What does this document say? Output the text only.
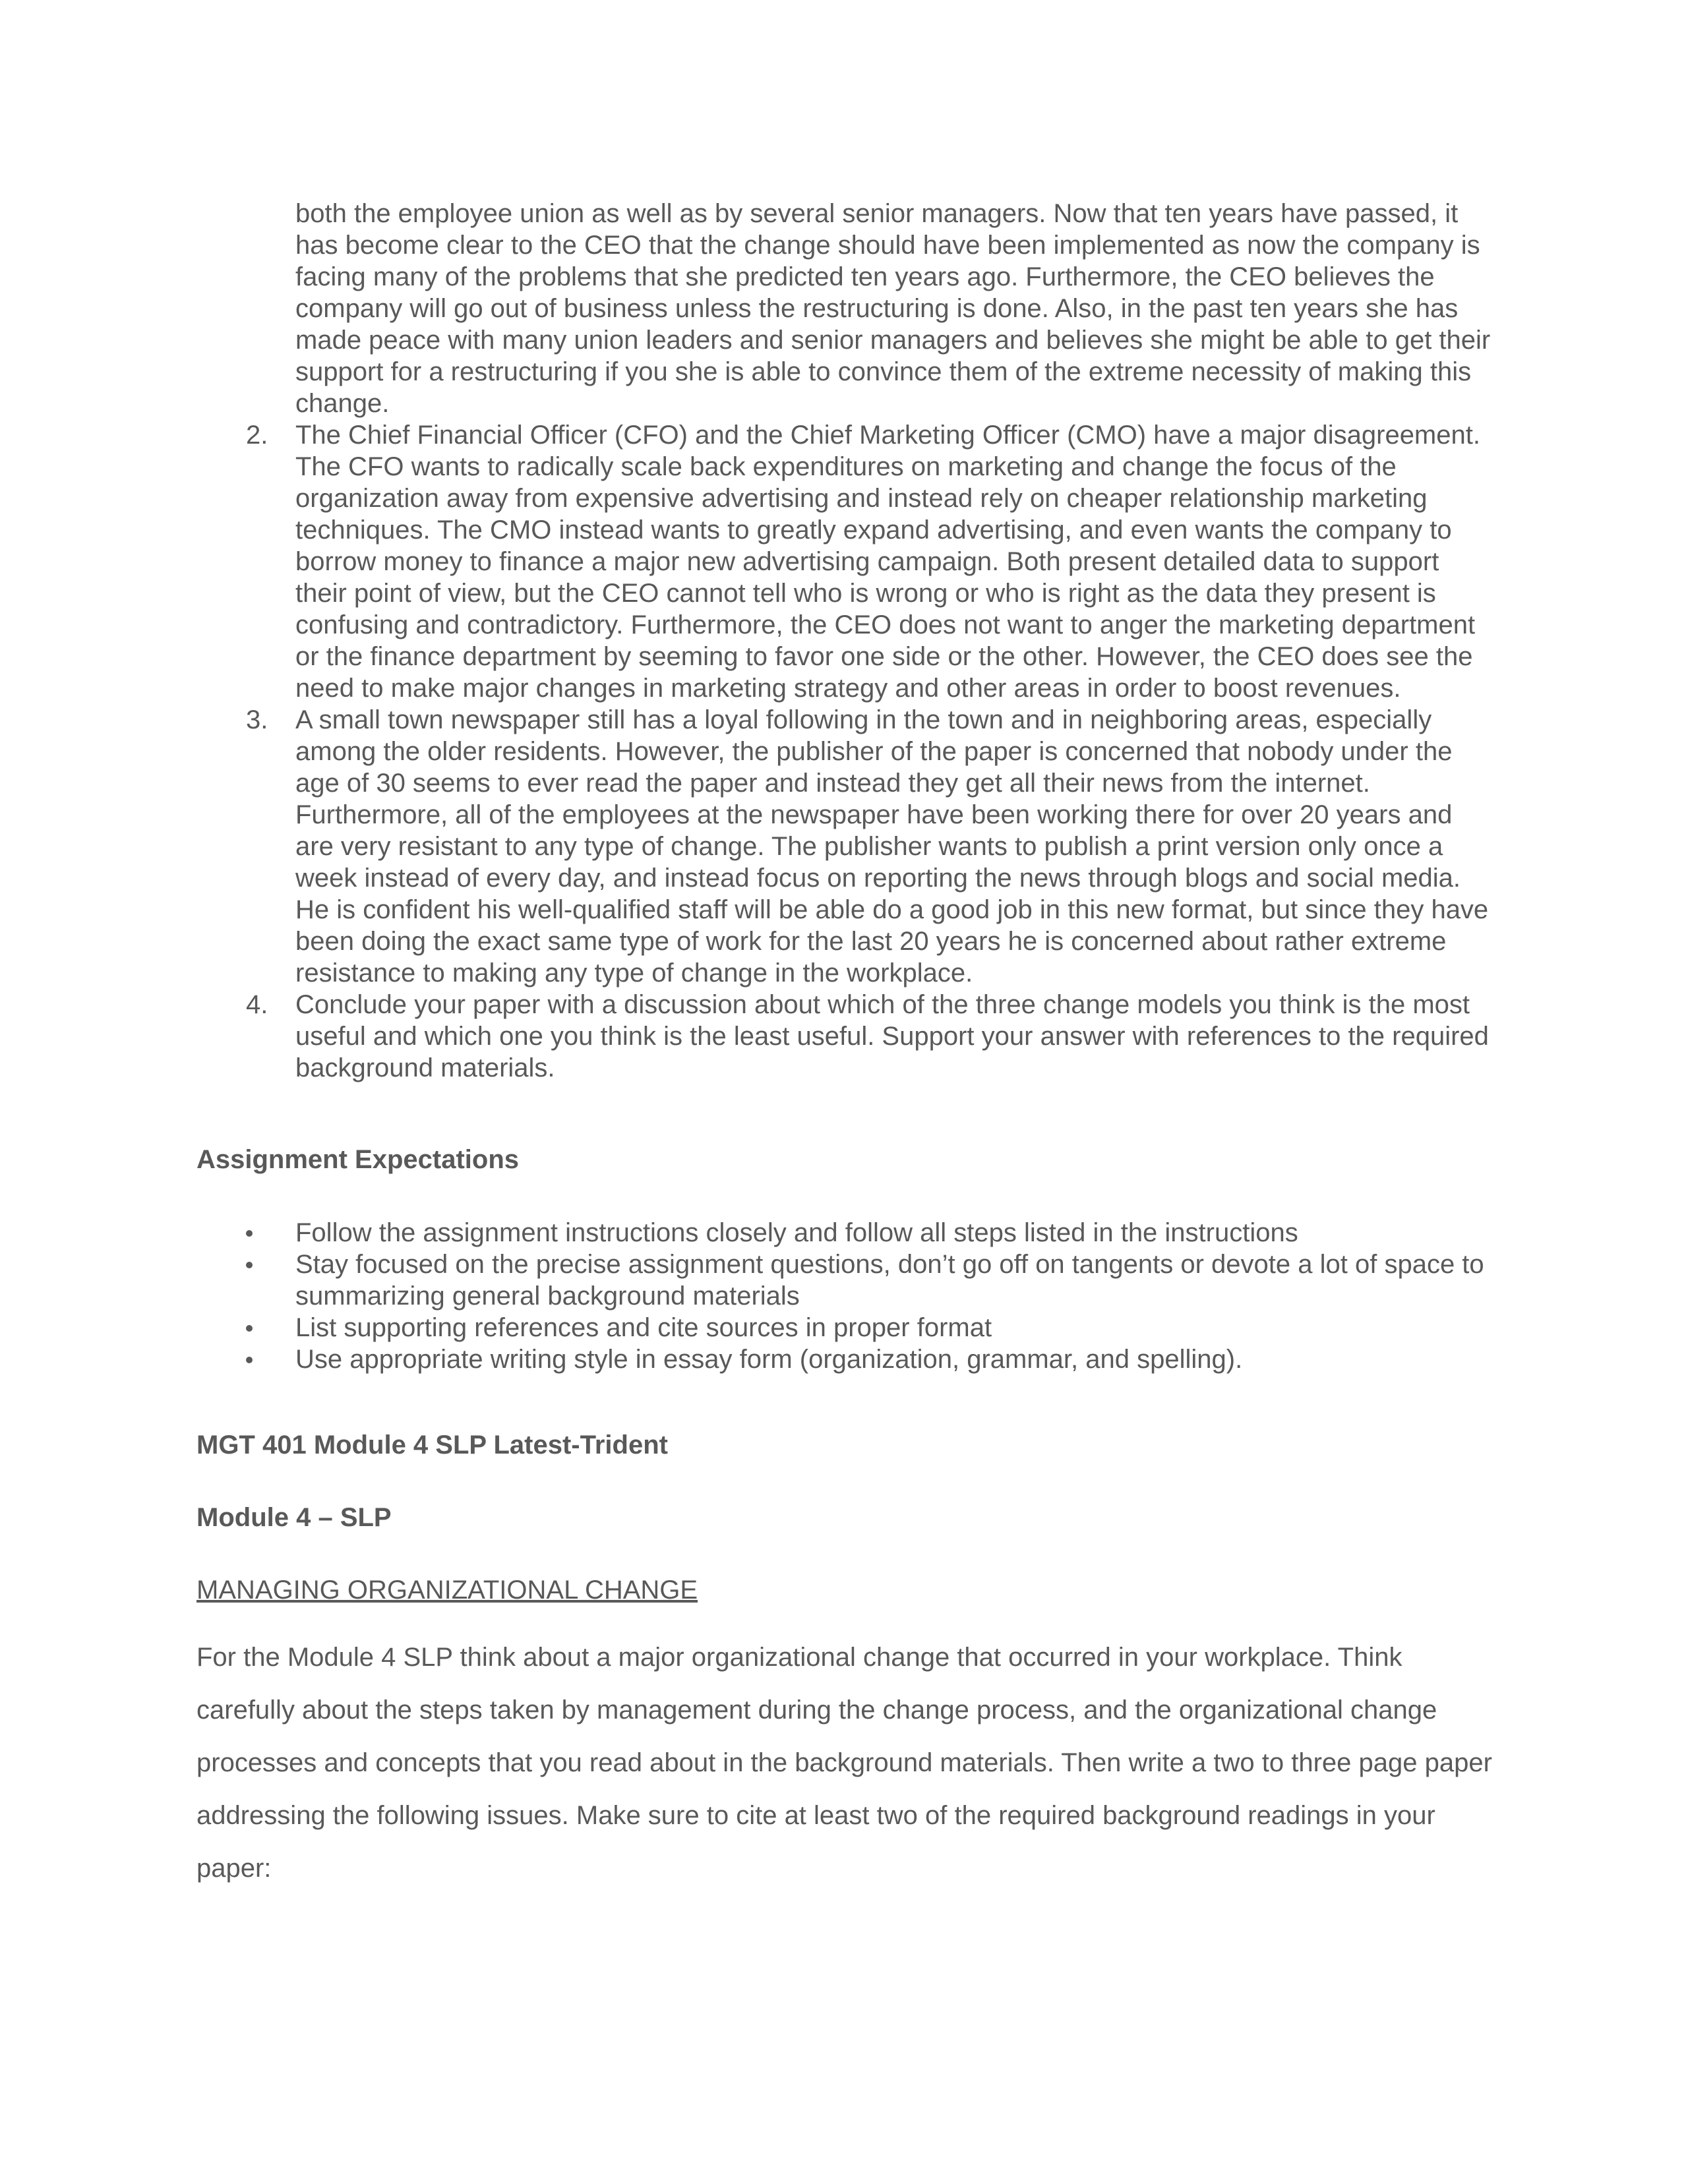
both the employee union as well as by several senior managers. Now that ten years have passed, it has become clear to the CEO that the change should have been implemented as now the company is facing many of the problems that she predicted ten years ago. Furthermore, the CEO believes the company will go out of business unless the restructuring is done. Also, in the past ten years she has made peace with many union leaders and senior managers and believes she might be able to get their support for a restructuring if you she is able to convince them of the extreme necessity of making this change.
2. The Chief Financial Officer (CFO) and the Chief Marketing Officer (CMO) have a major disagreement. The CFO wants to radically scale back expenditures on marketing and change the focus of the organization away from expensive advertising and instead rely on cheaper relationship marketing techniques. The CMO instead wants to greatly expand advertising, and even wants the company to borrow money to finance a major new advertising campaign. Both present detailed data to support their point of view, but the CEO cannot tell who is wrong or who is right as the data they present is confusing and contradictory. Furthermore, the CEO does not want to anger the marketing department or the finance department by seeming to favor one side or the other. However, the CEO does see the need to make major changes in marketing strategy and other areas in order to boost revenues.
3. A small town newspaper still has a loyal following in the town and in neighboring areas, especially among the older residents. However, the publisher of the paper is concerned that nobody under the age of 30 seems to ever read the paper and instead they get all their news from the internet. Furthermore, all of the employees at the newspaper have been working there for over 20 years and are very resistant to any type of change. The publisher wants to publish a print version only once a week instead of every day, and instead focus on reporting the news through blogs and social media. He is confident his well-qualified staff will be able do a good job in this new format, but since they have been doing the exact same type of work for the last 20 years he is concerned about rather extreme resistance to making any type of change in the workplace.
4. Conclude your paper with a discussion about which of the three change models you think is the most useful and which one you think is the least useful. Support your answer with references to the required background materials.

Assignment Expectations

Follow the assignment instructions closely and follow all steps listed in the instructions
Stay focused on the precise assignment questions, don’t go off on tangents or devote a lot of space to summarizing general background materials
List supporting references and cite sources in proper format
Use appropriate writing style in essay form (organization, grammar, and spelling).

MGT 401 Module 4 SLP Latest-Trident

Module 4 – SLP

MANAGING ORGANIZATIONAL CHANGE

For the Module 4 SLP think about a major organizational change that occurred in your workplace. Think carefully about the steps taken by management during the change process, and the organizational change processes and concepts that you read about in the background materials. Then write a two to three page paper addressing the following issues. Make sure to cite at least two of the required background readings in your paper:
